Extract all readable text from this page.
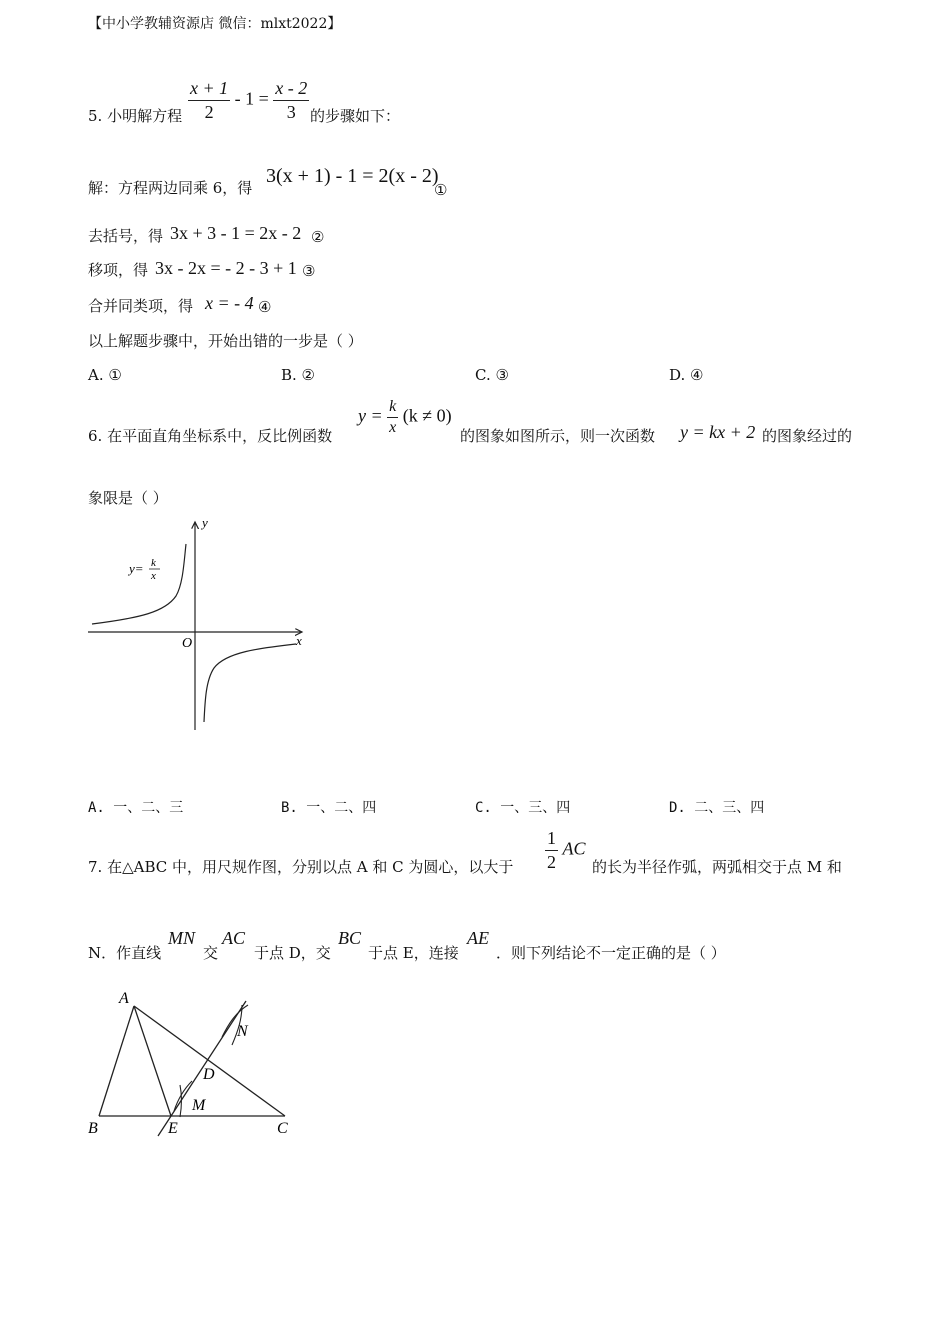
【中小学教辅资源店 微信：mlxt2022】
5. 小明解方程 $\frac{x + 1}{2} - 1 = \frac{x - 2}{3}$ 的步骤如下：
解：方程两边同乘 6，得
3(x + 1) - 1 = 2(x - 2)
①
去括号，得 3x + 3 - 1 = 2x - 2 ②
移项，得 3x - 2x = - 2 - 3 + 1 ③
合并同类项，得 x = - 4 ④
以上解题步骤中，开始出错的一步是（ ）
A. ①	B. ②	C. ③	D. ④
6. 在平面直角坐标系中，反比例函数
$y = \frac{k}{x} (k \ne 0)$
的图象如图所示，则一次函数 y = kx + 2 的图象经过的
象限是（ ）
y
x
O
y= k
x
A. 一、二、三	B. 一、二、四	C. 一、三、四	D. 二、三、四
7. 在△ABC 中，用尺规作图，分别以点 A 和 C 为圆心，以大于 $\frac{1}{2}$ AC
的长为半径作弧，两弧相交于点 M 和
N．作直线
MN
交
AC
于点 D，交
BC
于点 E，连接
AE
．则下列结论不一定正确的是（ ）
A
B	C
D
E
M
N
